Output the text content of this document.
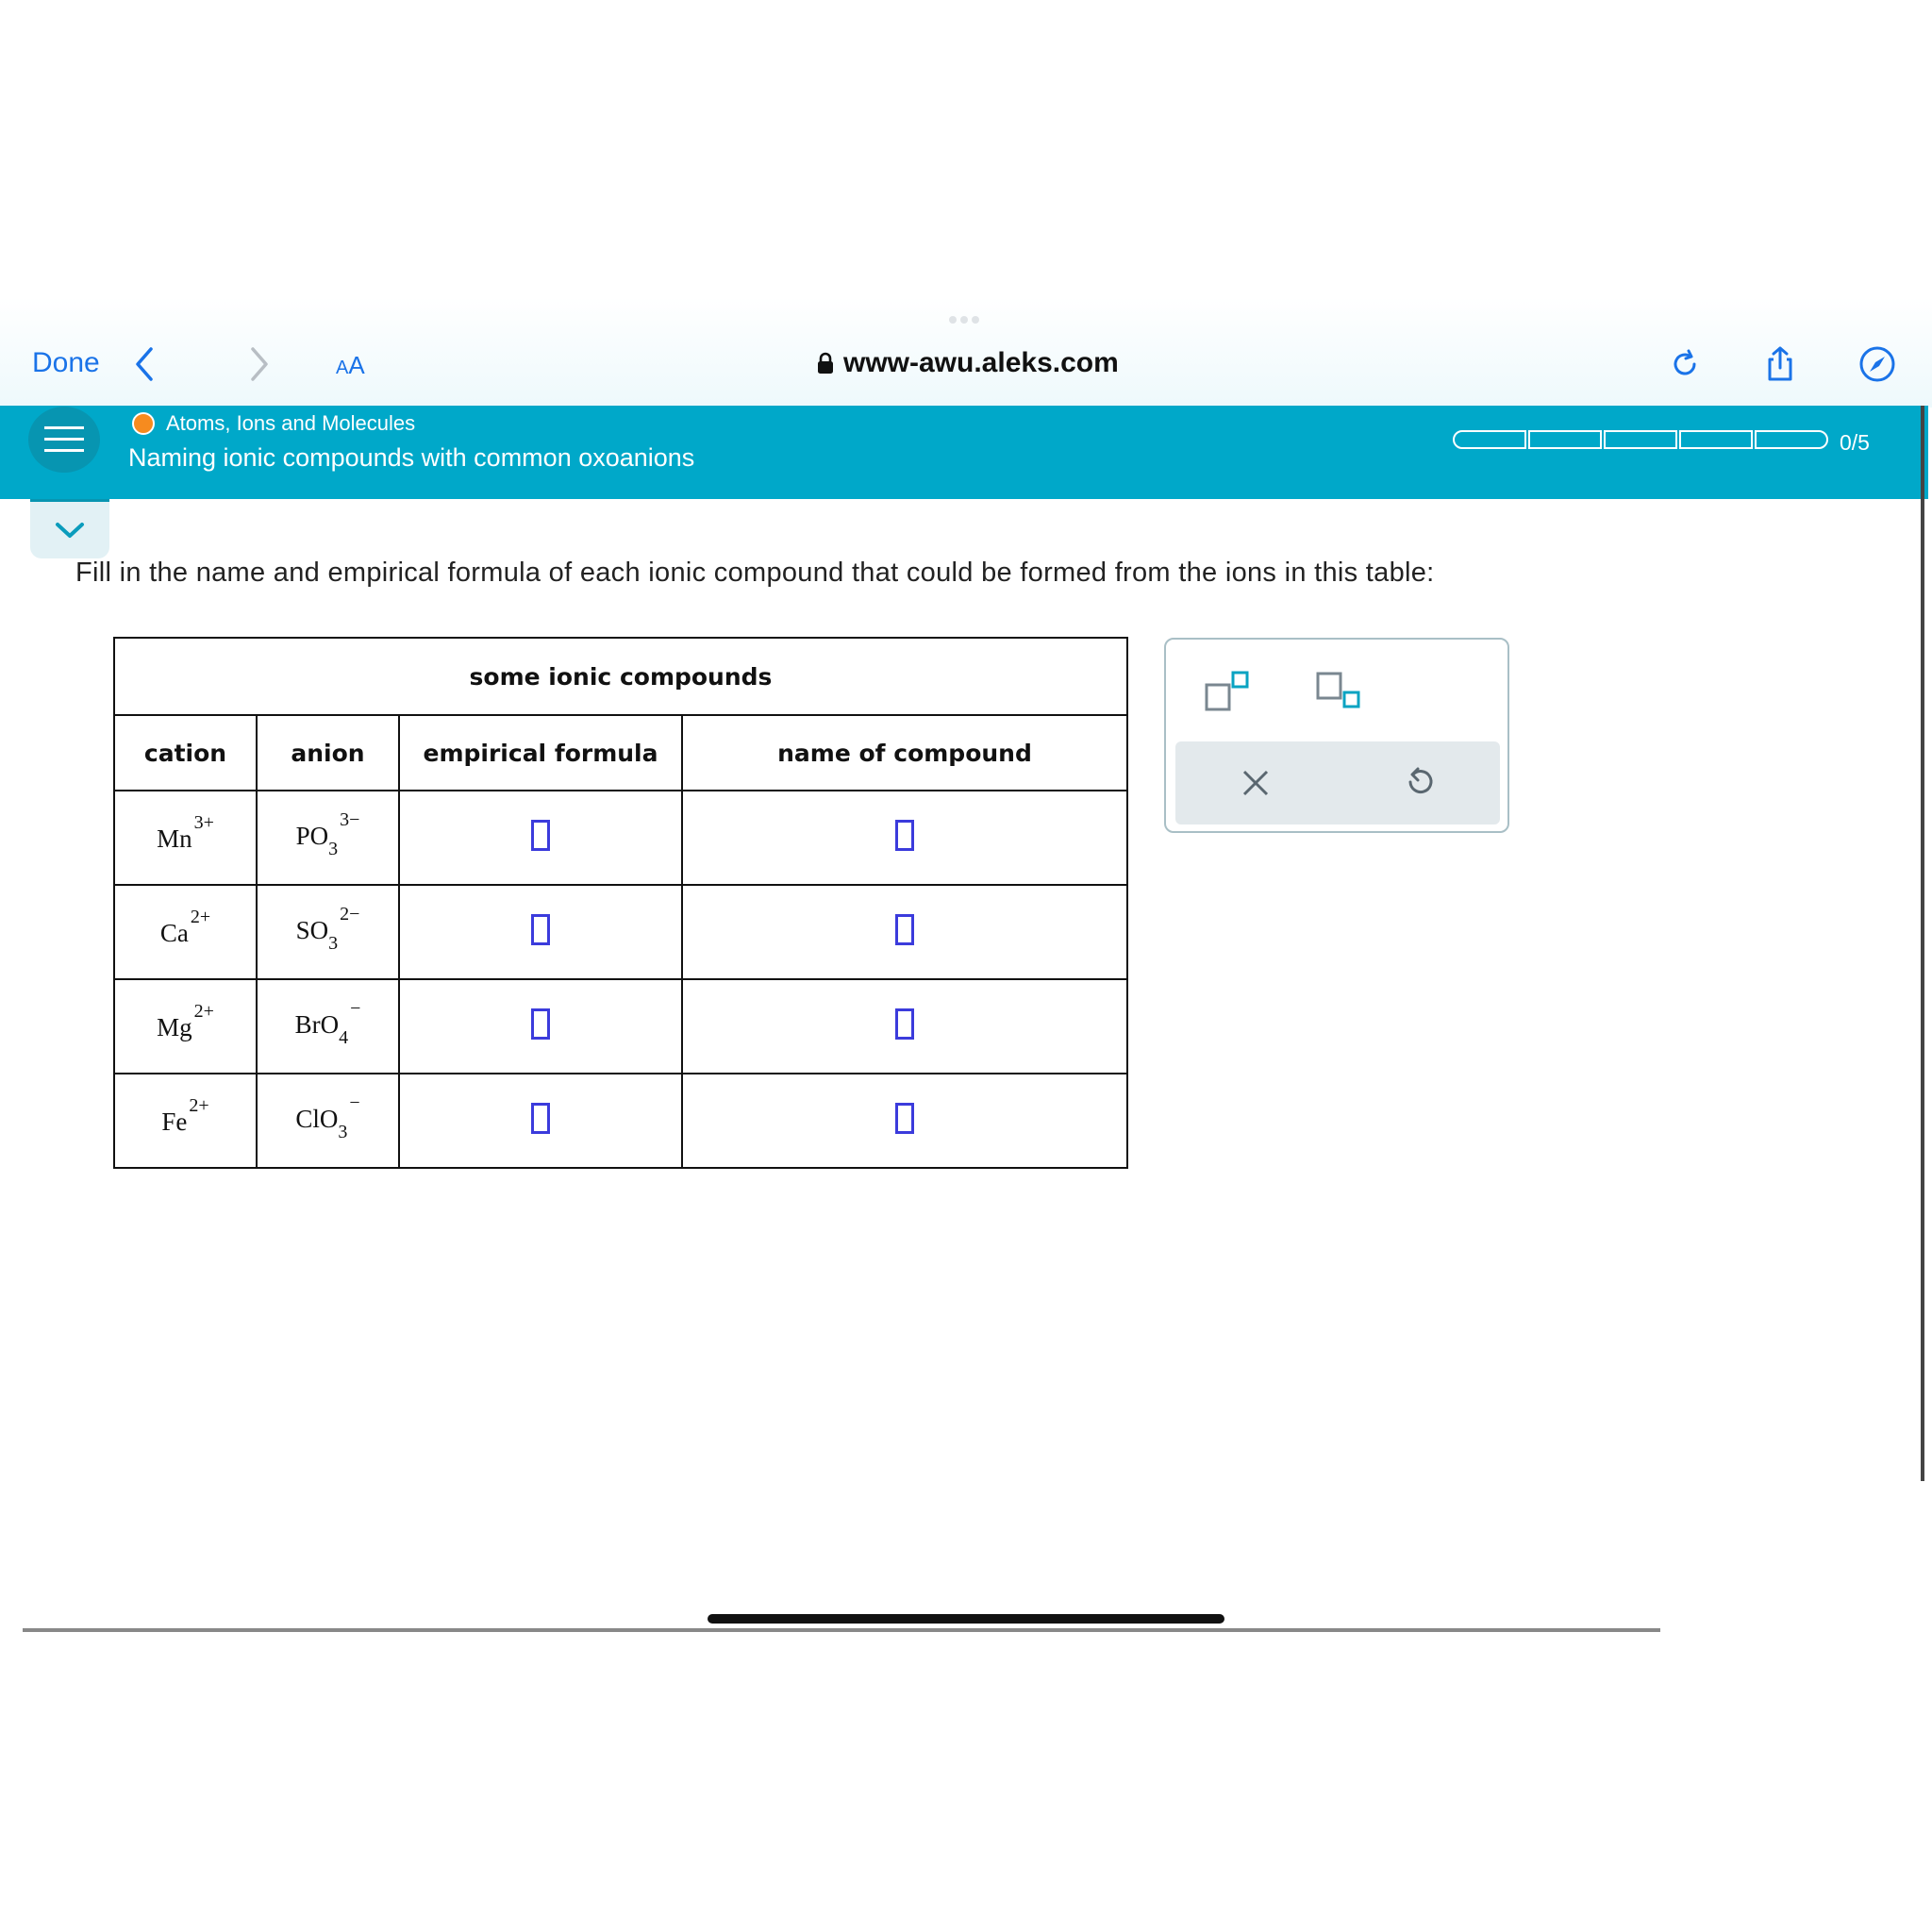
Done	AA	www-awu.aleks.com
Atoms, Ions and Molecules
Naming ionic compounds with common oxoanions
0/5
Fill in the name and empirical formula of each ionic compound that could be formed from the ions in this table:
some ionic compounds			
cation	anion	empirical formula	name of compound
$Mn^{3+}$	$PO_3^{3-}$		
$Ca^{2+}$	$SO_3^{2-}$		
$Mg^{2+}$	BrO$_4$−		
$Fe^{2+}$	ClO$_3$−		
